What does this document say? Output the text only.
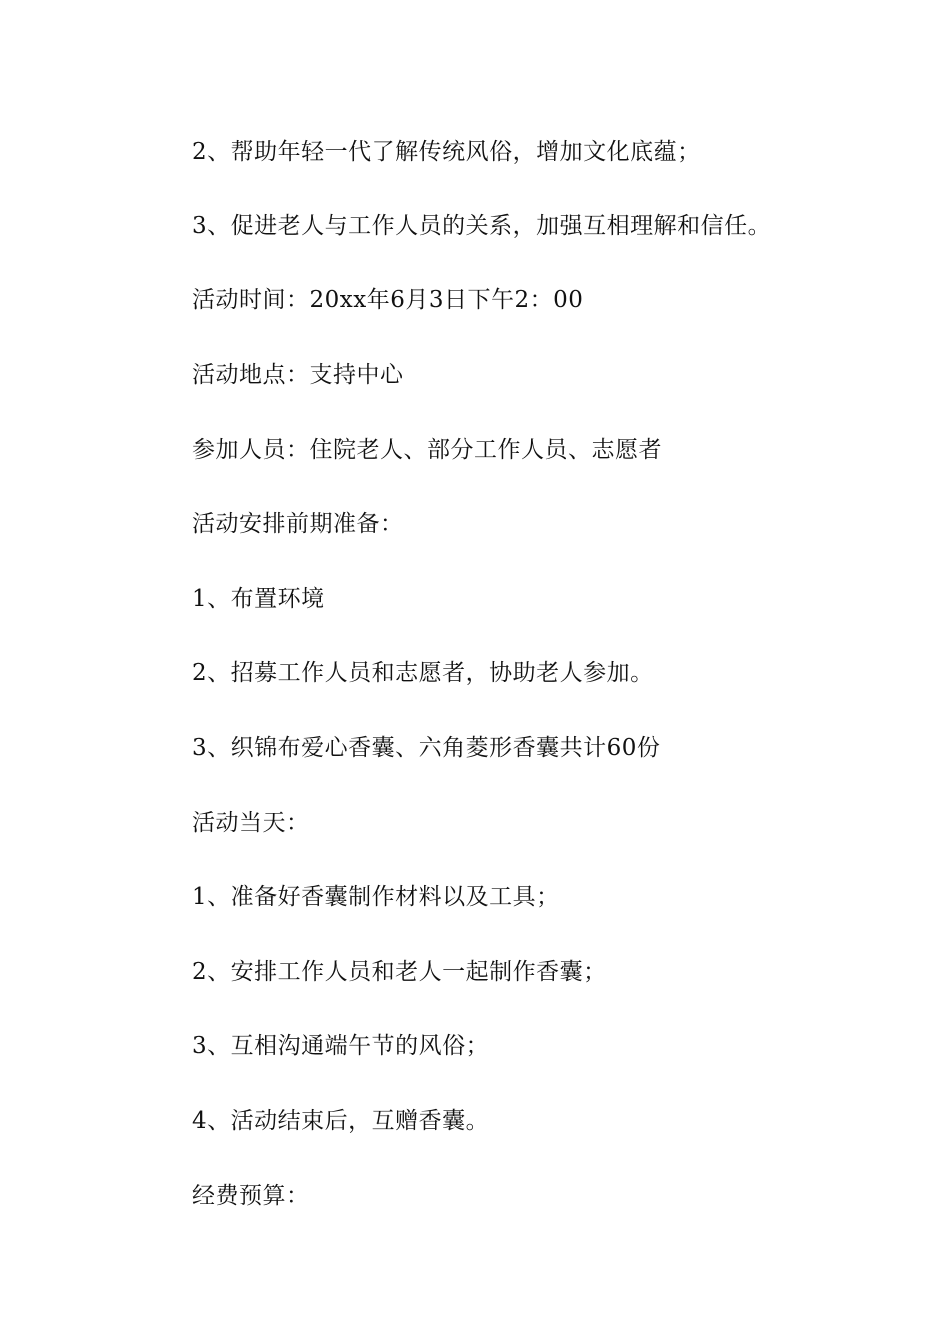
2、帮助年轻一代了解传统风俗，增加文化底蕴；
3、促进老人与工作人员的关系，加强互相理解和信任。
活动时间：20xx年6月3日下午2：00
活动地点：支持中心
参加人员：住院老人、部分工作人员、志愿者
活动安排前期准备：
1、布置环境
2、招募工作人员和志愿者，协助老人参加。
3、织锦布爱心香囊、六角菱形香囊共计60份
活动当天：
1、准备好香囊制作材料以及工具；
2、安排工作人员和老人一起制作香囊；
3、互相沟通端午节的风俗；
4、活动结束后，互赠香囊。
经费预算：
